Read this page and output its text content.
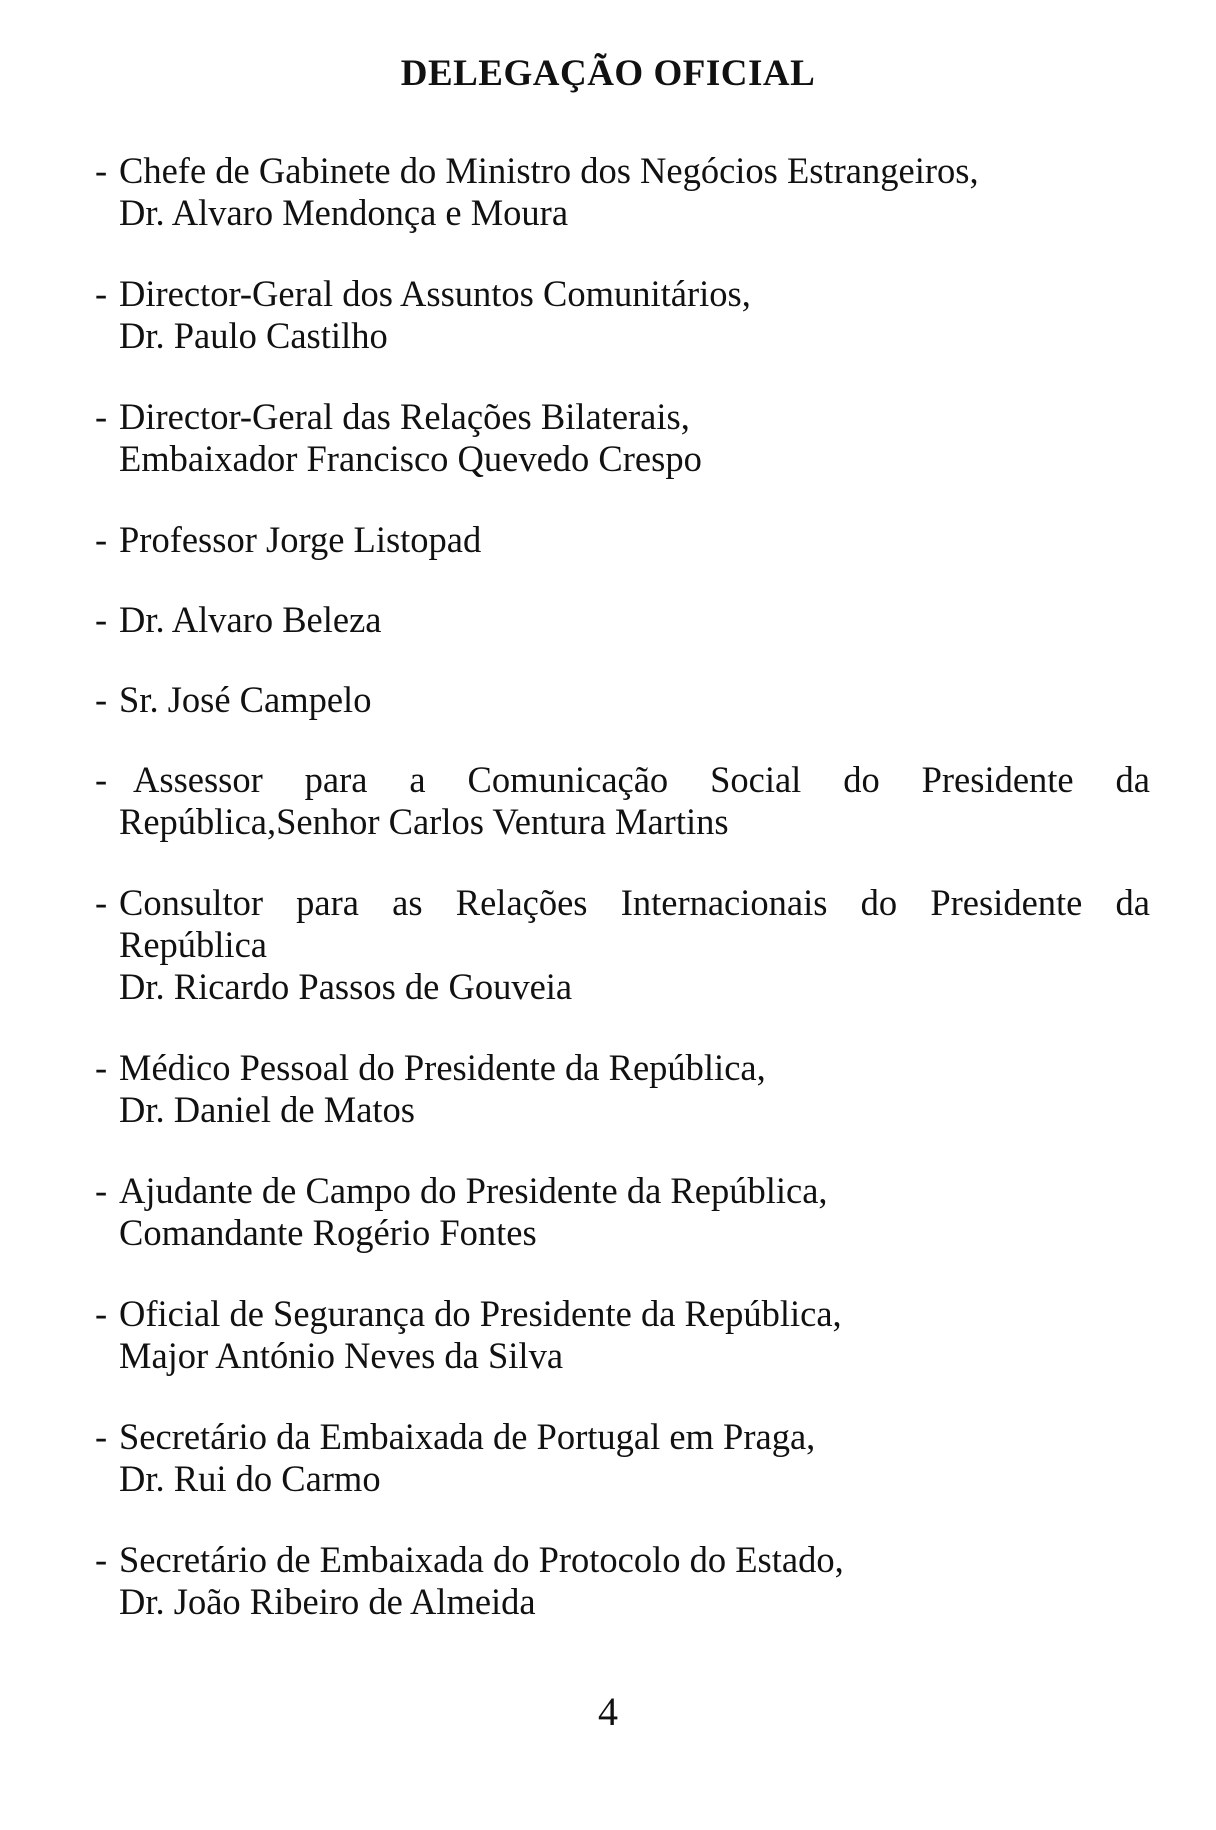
DELEGAÇÃO OFICIAL
- Chefe de Gabinete do Ministro dos Negócios Estrangeiros,
Dr. Alvaro Mendonça e Moura
- Director-Geral dos Assuntos Comunitários,
Dr. Paulo Castilho
- Director-Geral das Relações Bilaterais,
Embaixador Francisco Quevedo Crespo
- Professor Jorge Listopad
- Dr. Alvaro Beleza
- Sr. José Campelo
- Assessor para a Comunicação Social do Presidente da
República,Senhor Carlos Ventura Martins
- Consultor para as Relações Internacionais do Presidente da
República
Dr. Ricardo Passos de Gouveia
- Médico Pessoal do Presidente da República,
Dr. Daniel de Matos
- Ajudante de Campo do Presidente da República,
Comandante Rogério Fontes
- Oficial de Segurança do Presidente da República,
Major António Neves da Silva
- Secretário da Embaixada de Portugal em Praga,
Dr. Rui do Carmo
- Secretário de Embaixada do Protocolo do Estado,
Dr. João Ribeiro de Almeida
4
